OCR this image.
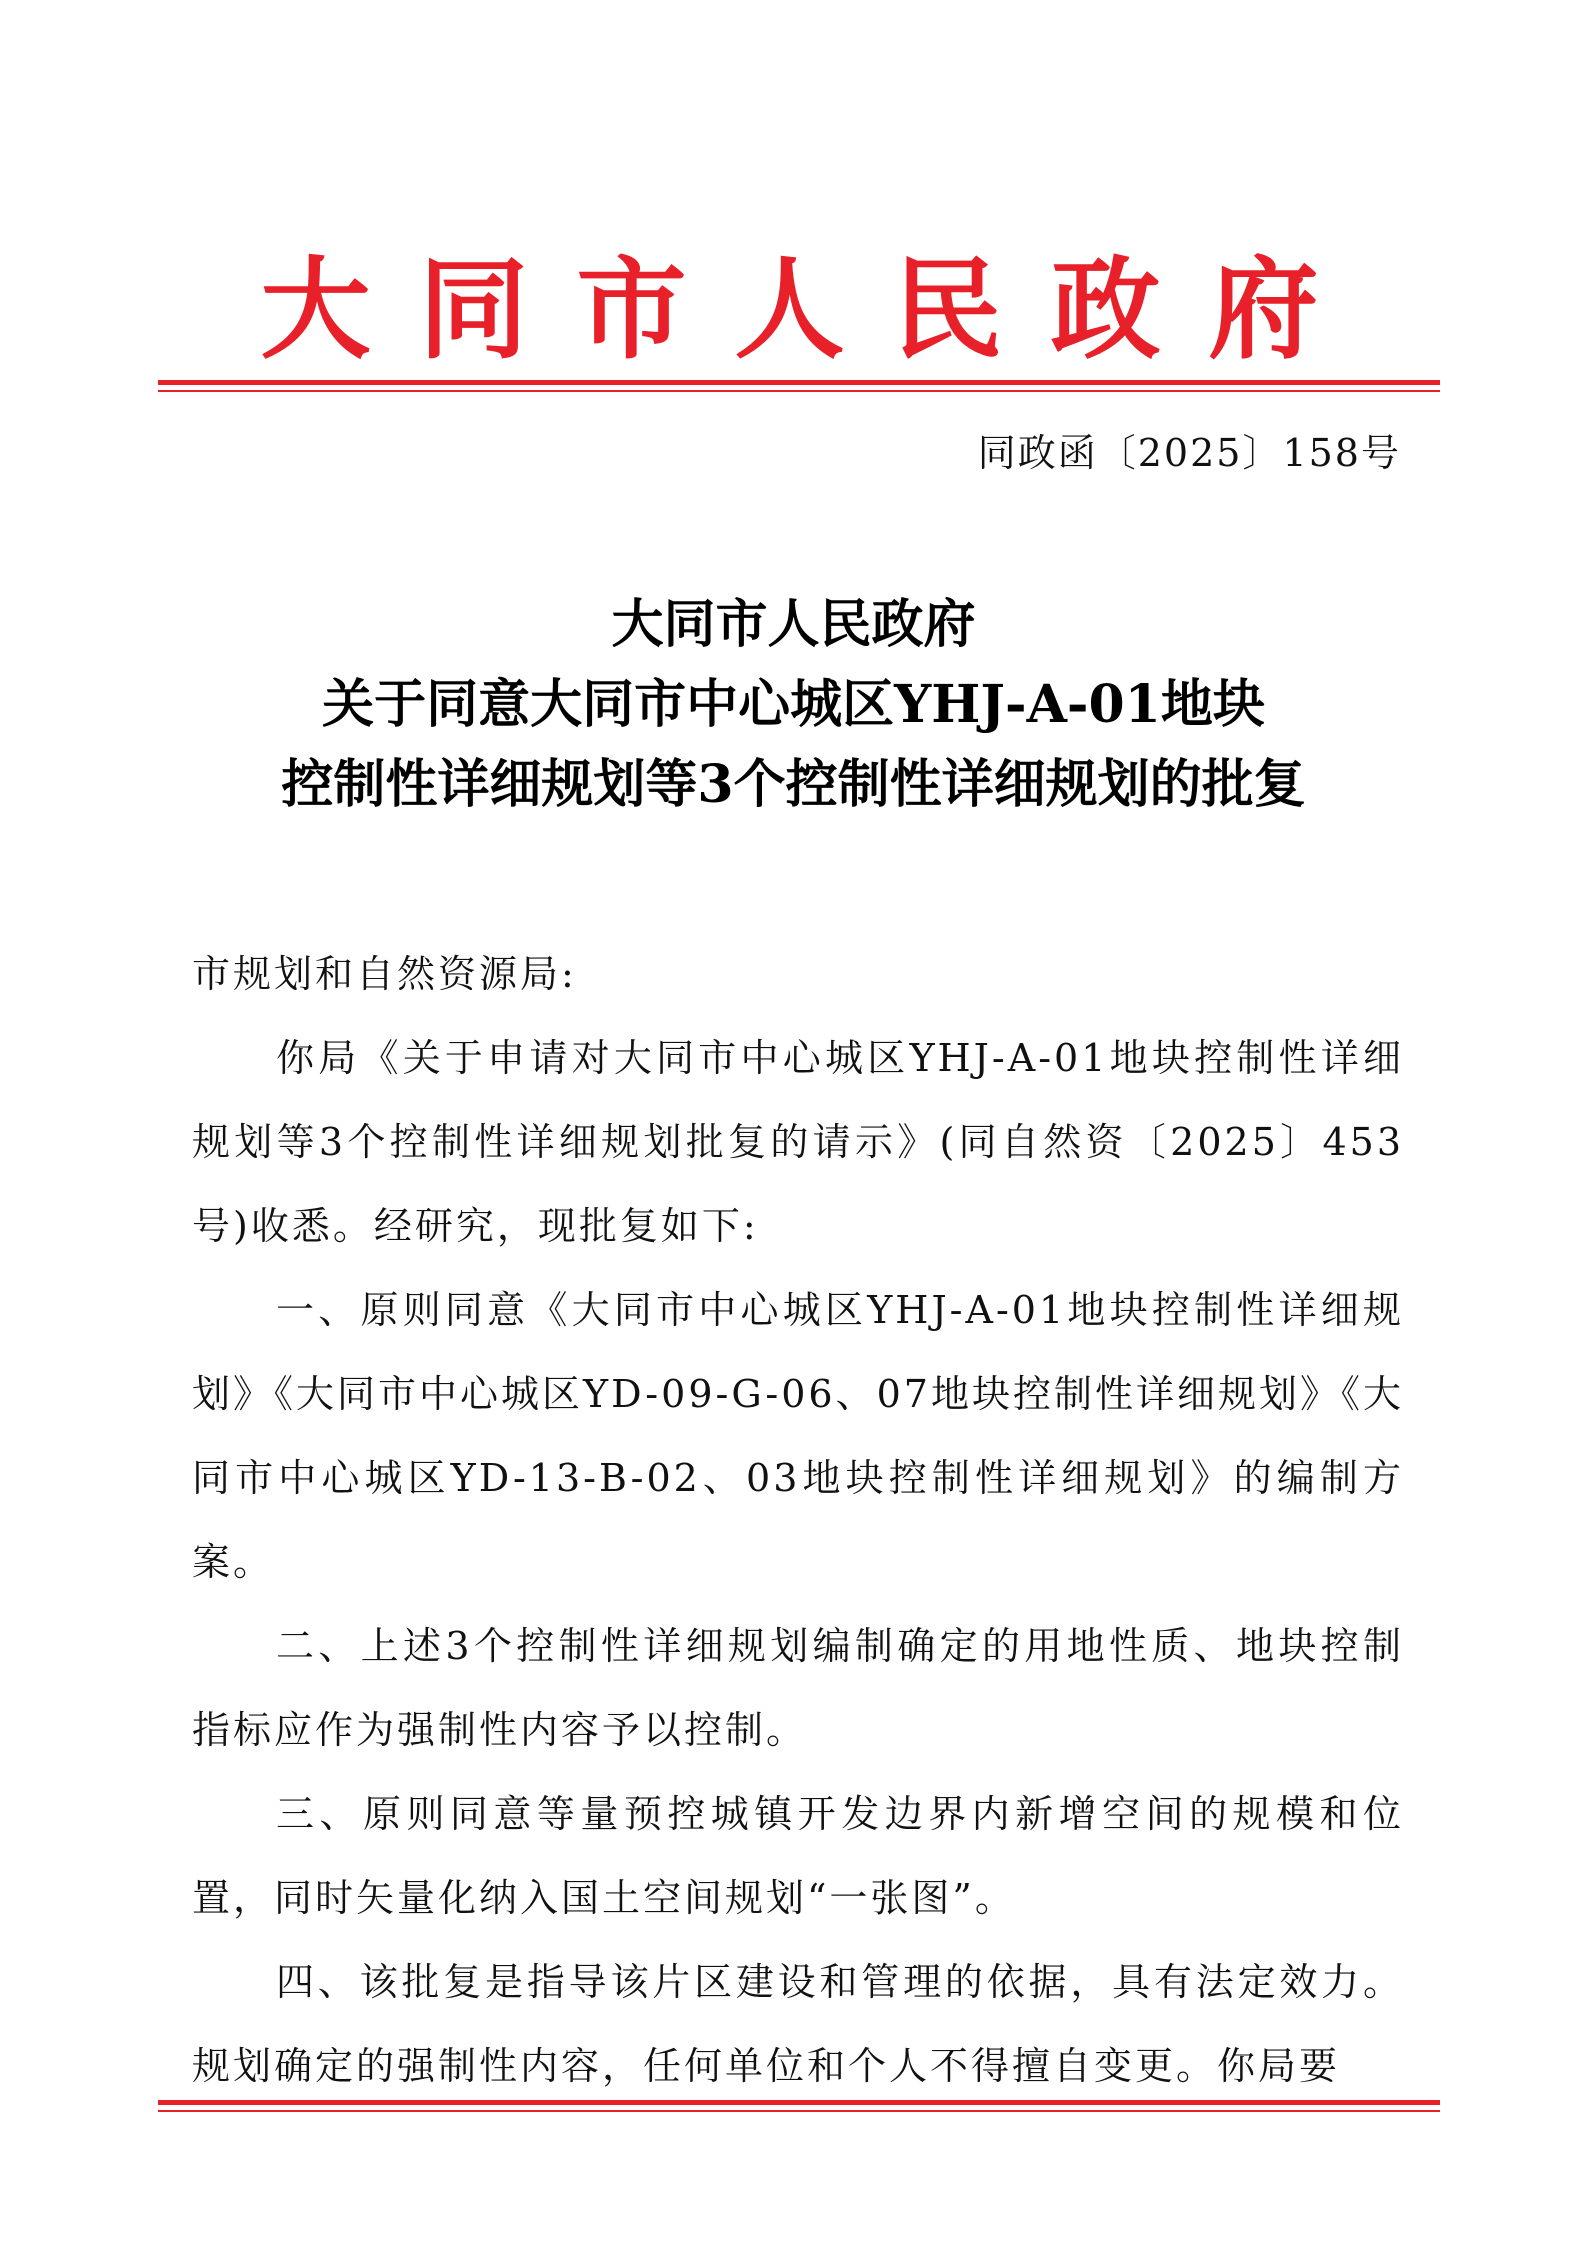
大同市人民政府
同政函〔2025〕158号
大同市人民政府
关于同意大同市中心城区YHJ-A-01地块
控制性详细规划等3个控制性详细规划的批复

市规划和自然资源局:

你局《关于申请对大同市中心城区YHJ-A-01地块控制性详细规划等3个控制性详细规划批复的请示》(同自然资〔2025〕453号)收悉。经研究，现批复如下:

一、原则同意《大同市中心城区YHJ-A-01地块控制性详细规划》《大同市中心城区YD-09-G-06、07地块控制性详细规划》《大同市中心城区YD-13-B-02、03地块控制性详细规划》的编制方案。

二、上述3个控制性详细规划编制确定的用地性质、地块控制指标应作为强制性内容予以控制。

三、原则同意等量预控城镇开发边界内新增空间的规模和位置，同时矢量化纳入国土空间规划“一张图”。

四、该批复是指导该片区建设和管理的依据，具有法定效力。规划确定的强制性内容，任何单位和个人不得擅自变更。你局要
